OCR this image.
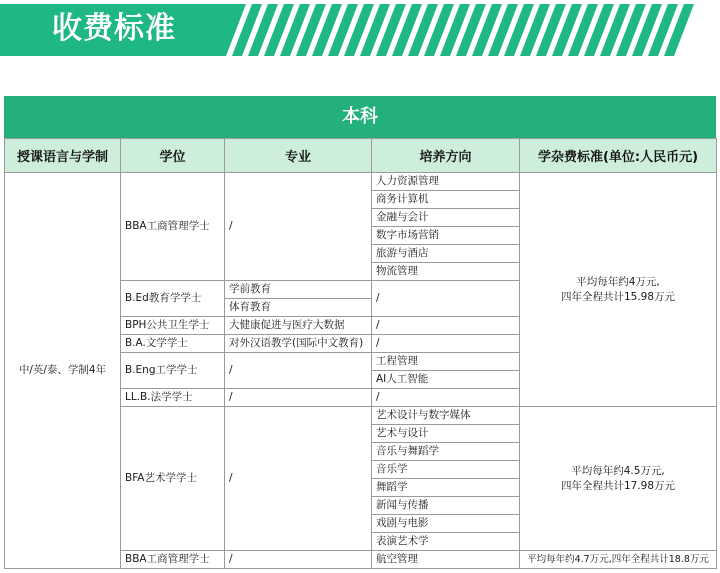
收费标准
本科
授课语言与学制	学位	专业	培养方向	学杂费标准(单位:人民币元)
中/英/泰、学制4年	BBA工商管理学士	/	人力资源管理	平均每年约4万元,
四年全程共计15.98万元

			商务计算机	
			金融与会计	
			数字市场营销	
			旅游与酒店	
			物流管理	
	B.Ed教育学学士	学前教育	/	
		体育教育		
	BPH公共卫生学士	大健康促进与医疗大数据	/	
	B.A.文学学士	对外汉语教学(国际中文教育)	/	
	B.Eng工学学士	/	工程管理	
			AI人工智能	
	LL.B.法学学士	/	/	
	BFA艺术学学士	/	艺术设计与数字媒体	平均每年约4.5万元,
四年全程共计17.98万元

			艺术与设计	
			音乐与舞蹈学	
			音乐学	
			舞蹈学	
			新闻与传播	
			戏剧与电影	
			表演艺术学	
	BBA工商管理学士	/	航空管理	平均每年约4.7万元,四年全程共计18.8万元
